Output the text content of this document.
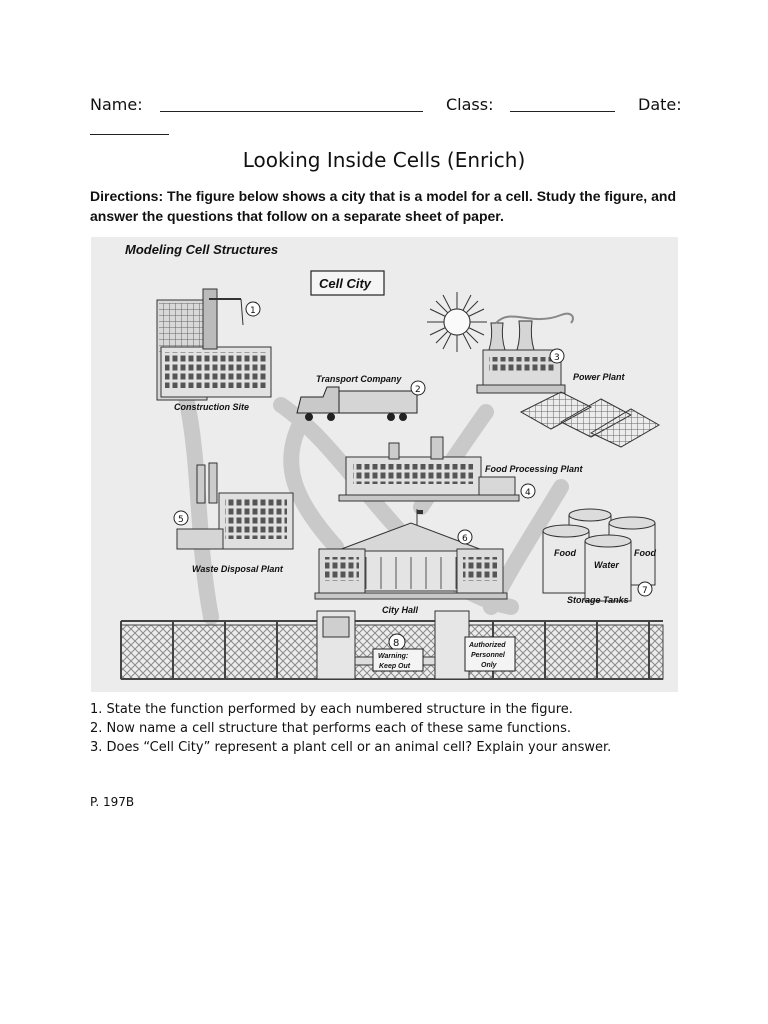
Name:	Class:	Date:
Looking Inside Cells (Enrich)
Directions: The figure below shows a city that is a model for a cell. Study the figure, and answer the questions that follow on a separate sheet of paper.
Modeling Cell Structures
Cell City
1
Construction Site
Transport Company
2
3
Power Plant
Food Processing Plant
4
5
Waste Disposal Plant
6
City Hall
Food
Water
Food
7
Storage Tanks
8
Warning:
Keep Out
Authorized
Personnel
Only
1. State the function performed by each numbered structure in the figure.
2. Now name a cell structure that performs each of these same functions.
3. Does “Cell City” represent a plant cell or an animal cell? Explain your answer.
P. 197B
